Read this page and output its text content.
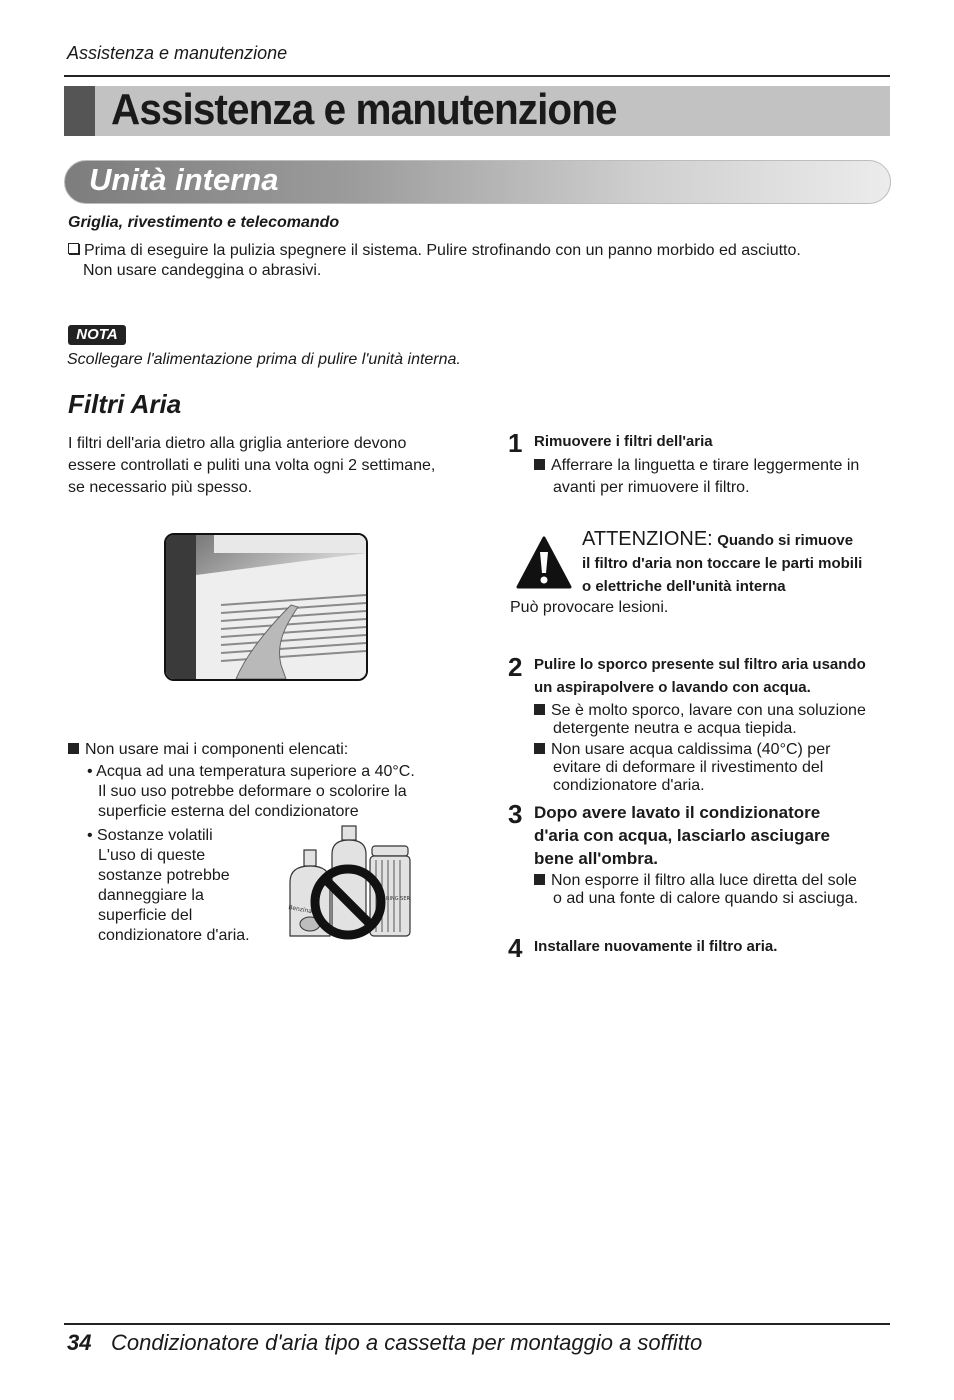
Assistenza e manutenzione
Assistenza e manutenzione
Unità interna
Griglia, rivestimento e telecomando
Prima di eseguire la pulizia spegnere il sistema. Pulire strofinando con un panno morbido ed asciutto.
Non usare candeggina o abrasivi.
NOTA
Scollegare l'alimentazione prima di pulire l'unità interna.
Filtri Aria
I filtri dell'aria dietro alla griglia anteriore devono
essere controllati e puliti una volta ogni 2 settimane,
se necessario più spesso.
Non usare mai i componenti elencati:
• Acqua ad una temperatura superiore a 40°C.
Il suo uso potrebbe deformare o scolorire la
superficie esterna del condizionatore
• Sostanze volatili
L'uso di queste
sostanze potrebbe
danneggiare la
superficie del
condizionatore d'aria.
Benzina
RING SER
1 Rimuovere i filtri dell'aria
Afferrare la linguetta e tirare leggermente in
avanti per rimuovere il filtro.
ATTENZIONE: Quando si rimuove
il filtro d'aria non toccare le parti mobili
o elettriche dell'unità interna
Può provocare lesioni.
2 Pulire lo sporco presente sul filtro aria usando
un aspirapolvere o lavando con acqua.
Se è molto sporco, lavare con una soluzione
detergente neutra e acqua tiepida.
Non usare acqua caldissima (40°C) per
evitare di deformare il rivestimento del
condizionatore d'aria.
3 Dopo avere lavato il condizionatore
d'aria con acqua, lasciarlo asciugare
bene all'ombra.
Non esporre il filtro alla luce diretta del sole
o ad una fonte di calore quando si asciuga.
4 Installare nuovamente il filtro aria.
34 Condizionatore d'aria tipo a cassetta per montaggio a soffitto
